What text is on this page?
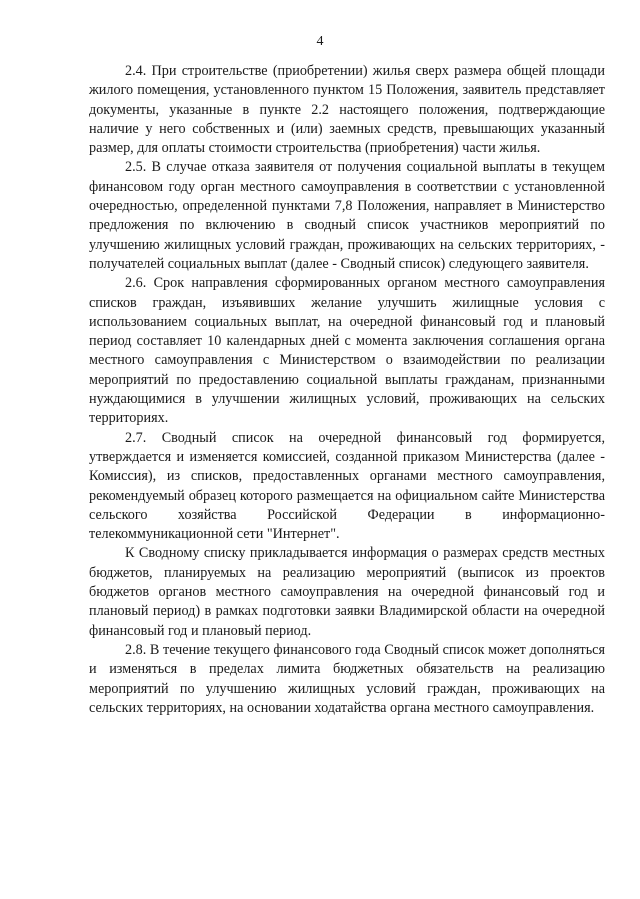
4

2.4. При строительстве (приобретении) жилья сверх размера общей площади жилого помещения, установленного пунктом 15 Положения, заявитель представляет документы, указанные в пункте 2.2 настоящего положения, подтверждающие наличие у него собственных и (или) заемных средств, превышающих указанный размер, для оплаты стоимости строительства (приобретения) части жилья.

2.5. В случае отказа заявителя от получения социальной выплаты в текущем финансовом году орган местного самоуправления в соответствии с установленной очередностью, определенной пунктами 7,8 Положения, направляет в Министерство предложения по включению в сводный список участников мероприятий по улучшению жилищных условий граждан, проживающих на сельских территориях, - получателей социальных выплат (далее - Сводный список) следующего заявителя.

2.6. Срок направления сформированных органом местного самоуправления списков граждан, изъявивших желание улучшить жилищные условия с использованием социальных выплат, на очередной финансовый год и плановый период составляет 10 календарных дней с момента заключения соглашения органа местного самоуправления с Министерством о взаимодействии по реализации мероприятий по предоставлению социальной выплаты гражданам, признанными нуждающимися в улучшении жилищных условий, проживающих на сельских территориях.

2.7. Сводный список на очередной финансовый год формируется, утверждается и изменяется комиссией, созданной приказом Министерства (далее - Комиссия), из списков, предоставленных органами местного самоуправления, рекомендуемый образец которого размещается на официальном сайте Министерства сельского хозяйства Российской Федерации в информационно-телекоммуникационной сети "Интернет".

К Сводному списку прикладывается информация о размерах средств местных бюджетов, планируемых на реализацию мероприятий (выписок из проектов бюджетов органов местного самоуправления на очередной финансовый год и плановый период) в рамках подготовки заявки Владимирской области на очередной финансовый год и плановый период.

2.8. В течение текущего финансового года Сводный список может дополняться и изменяться в пределах лимита бюджетных обязательств на реализацию мероприятий по улучшению жилищных условий граждан, проживающих на сельских территориях, на основании ходатайства органа местного самоуправления.
